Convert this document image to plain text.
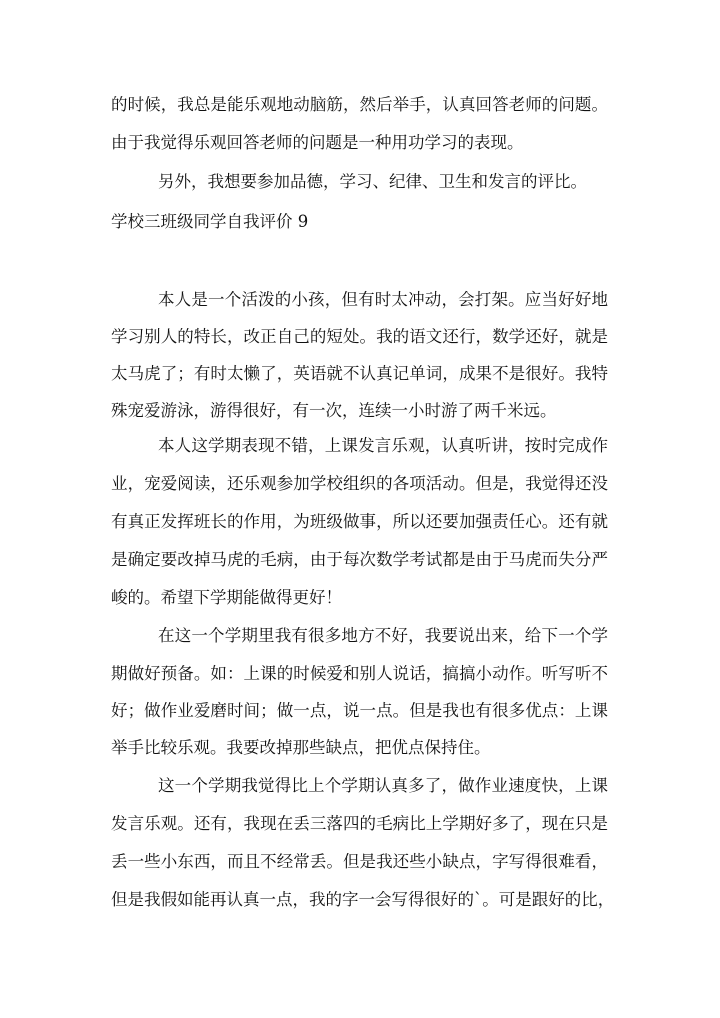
的时候，我总是能乐观地动脑筋，然后举手，认真回答老师的问题。

由于我觉得乐观回答老师的问题是一种用功学习的表现。

另外，我想要参加品德，学习、纪律、卫生和发言的评比。

学校三班级同学自我评价 9

本人是一个活泼的小孩，但有时太冲动，会打架。应当好好地

学习别人的特长，改正自己的短处。我的语文还行，数学还好，就是

太马虎了；有时太懒了，英语就不认真记单词，成果不是很好。我特

殊宠爱游泳，游得很好，有一次，连续一小时游了两千米远。

本人这学期表现不错，上课发言乐观，认真听讲，按时完成作

业，宠爱阅读，还乐观参加学校组织的各项活动。但是，我觉得还没

有真正发挥班长的作用，为班级做事，所以还要加强责任心。还有就

是确定要改掉马虎的毛病，由于每次数学考试都是由于马虎而失分严

峻的。希望下学期能做得更好！

在这一个学期里我有很多地方不好，我要说出来，给下一个学

期做好预备。如：上课的时候爱和别人说话，搞搞小动作。听写听不

好；做作业爱磨时间；做一点，说一点。但是我也有很多优点：上课

举手比较乐观。我要改掉那些缺点，把优点保持住。

这一个学期我觉得比上个学期认真多了，做作业速度快，上课

发言乐观。还有，我现在丢三落四的毛病比上学期好多了，现在只是

丢一些小东西，而且不经常丢。但是我还些小缺点，字写得很难看，

但是我假如能再认真一点，我的字一会写得很好的`。可是跟好的比，
